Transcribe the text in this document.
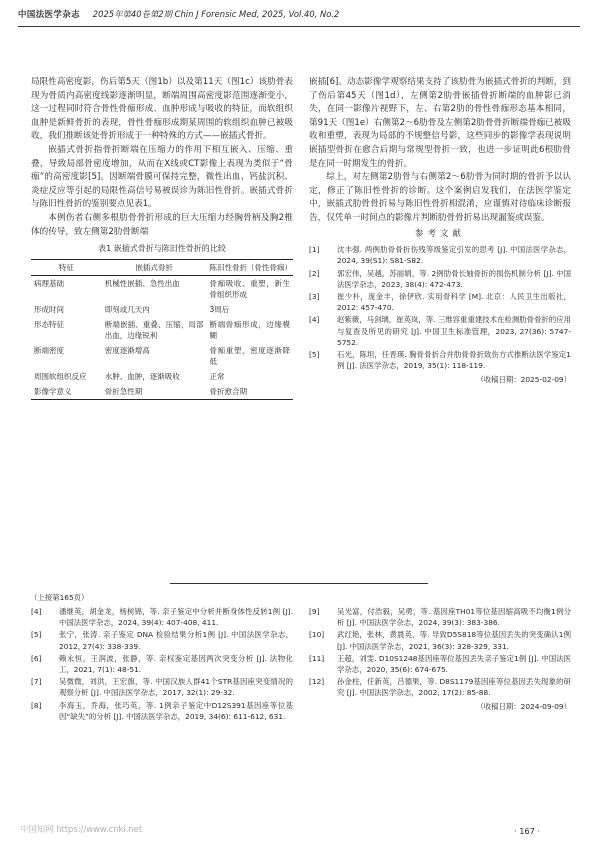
中国法医学杂志 2025年第40卷第2期 Chin J Forensic Med, 2025, Vol.40, No.2

局限性高密度影，伤后第5天（图1b）以及第11天（图1c）该肋骨表现为骨质内高密度线影逐渐明显，断端周围高密度影范围逐渐变小，这一过程同时符合骨性骨痂形成、血肿形成与吸收的特征，而软组织血肿是新鲜骨折的表现，骨性骨痂形成期某周围的软组织血肿已被吸收，我们推断该处骨折形成于一种特殊的方式——嵌插式骨折。

嵌插式骨折指骨折断端在压缩力的作用下相互嵌入、压缩、重叠，导致局部骨密度增加，从而在X线或CT影像上表现为类似于“骨痂”的高密度影[5]。因断端骨膜可保持完整，微性出血、钙盐沉积、炎症反应等引起的局限性高信号易被误诊为陈旧性骨折。嵌插式骨折与陈旧性骨折的鉴别要点见表1。

本例伤者右侧多根肋骨骨折形成的巨大压缩力经胸骨柄及胸2椎体的传导，致左侧第2肋骨断端

表1 嵌插式骨折与陈旧性骨折的比较
特征	嵌插式骨折	陈旧性骨折（骨性骨痂）
病理基础	机械性嵌插、急性出血	骨痂吸收、重塑，新生骨组织形成
形成时间	即刻或几天内	3周后
形态特征	断端嵌插、重叠、压缩，局部出血，边缘锐利	断端骨痂形成，边缘模糊
断端密度	密度逐渐增高	骨痂重塑，密度逐渐降低
周围软组织反应	水肿、血肿，逐渐吸收	正常
影像学意义	骨折急性期	骨折愈合期

嵌插[6]。动态影像学观察结果支持了该肋骨为嵌插式骨折的判断，到了伤后第45天（图1d），左侧第2肋骨嵌插骨折断端的血肿影已消失，在同一影像片视野下，左、右第2肋的骨性骨痂形态基本相同，第91天（图1e）右侧第2～6肋骨及左侧第2肋骨骨折断端骨痂已被吸收和重塑，表现为局部的不规整信号影，这些同步的影像学表现说明嵌插型骨折在愈合后期与常规型骨折一致，也进一步证明此6根肋骨是在同一时期发生的骨折。

综上，对左侧第2肋骨与右侧第2～6肋骨为同时期的骨折予以认定，修正了陈旧性骨折的诊断。这个案例启发我们，在法医学鉴定中，嵌插式肋骨骨折易与陈旧性骨折相混淆，应谨慎对待临床诊断报告，仅凭单一时间点的影像片判断肋骨骨折易出现漏鉴或误鉴。

参考文献
[1]	沈丰强. 两例肋骨骨折伤残等级鉴定引发的思考 [J]. 中国法医学杂志，2024, 39(S1): S81-S82.
[2]	郭宏伟，吴越，苏丽娟，等. 2例肋骨长轴骨折的损伤机制分析 [J]. 中国法医学杂志，2023, 38(4): 472-473.
[3]	崔少朴，庞金丰，徐伊欣. 实用骨科学 [M]. 北京：人民卫生出版社，2012: 457-470.
[4]	赵紫薇，马剑璃，崔英岚，等. 三维容重重建技术在检测肋骨骨折的应用与复查及所见的研究 [J]. 中国卫生标准管理，2023, 27(36): 5747-5752.
[5]	石光，陈坦，任晋瑛. 胸骨骨折合并肋骨骨折致伤方式推断法医学鉴定1例 [J]. 法医学杂志，2019, 35(1): 118-119.
（收稿日期：2025-02-09）
（上接第165页）
[4]	潘继英，胡金龙，杨树锦，等. 亲子鉴定中分析并断身体性反转1例 [J]. 中国法医学杂志，2024, 39(4): 407-408, 411.
[5]	张宁，张涛. 亲子鉴定 DNA 检验结果分析1例 [J]. 中国法医学杂志，2012, 27(4): 338-339.
[6]	赖永恒，王润波，张静，等. 亲权鉴定基因两次突变分析 [J]. 法物化工，2021, 7(1): 48-51.
[7]	吴微微，刘洪，王宏旗，等. 中国汉族人群41个STR基因座突变情况的观察分析 [J]. 中国法医学杂志，2017, 32(1): 29-32.
[8]	李海玉，乔海，张巧英，等. 1例亲子鉴定中D12S391基因座等位基因“缺失”的分析 [J]. 中国法医学杂志，2019, 34(6): 611-612, 631.
[9]	吴光富，付浩毅，吴勇，等. 基因座TH01等位基因缩高吸不均衡1例分析 [J]. 中国法医学杂志，2024, 39(3): 383-386.
[10]	武红艳，张林，黄晨英，等. 导致D5S818等位基因丢失的突变确认1例 [J]. 中国法医学杂志，2021, 36(3): 328-329, 331.
[11]	王超，刘雯. D10S1248基因座等位基因丢失亲子鉴定1例 [J]. 中国法医学杂志，2020, 35(6): 674-675.
[12]	孙金柱，任新英，吕德果，等. D8S1179基因座等位基因丢失现象的研究 [J]. 中国法医学杂志，2002, 17(2): 85-88.
（收稿日期：2024-09-09）
中国知网 https://www.cnki.net	· 167 ·
